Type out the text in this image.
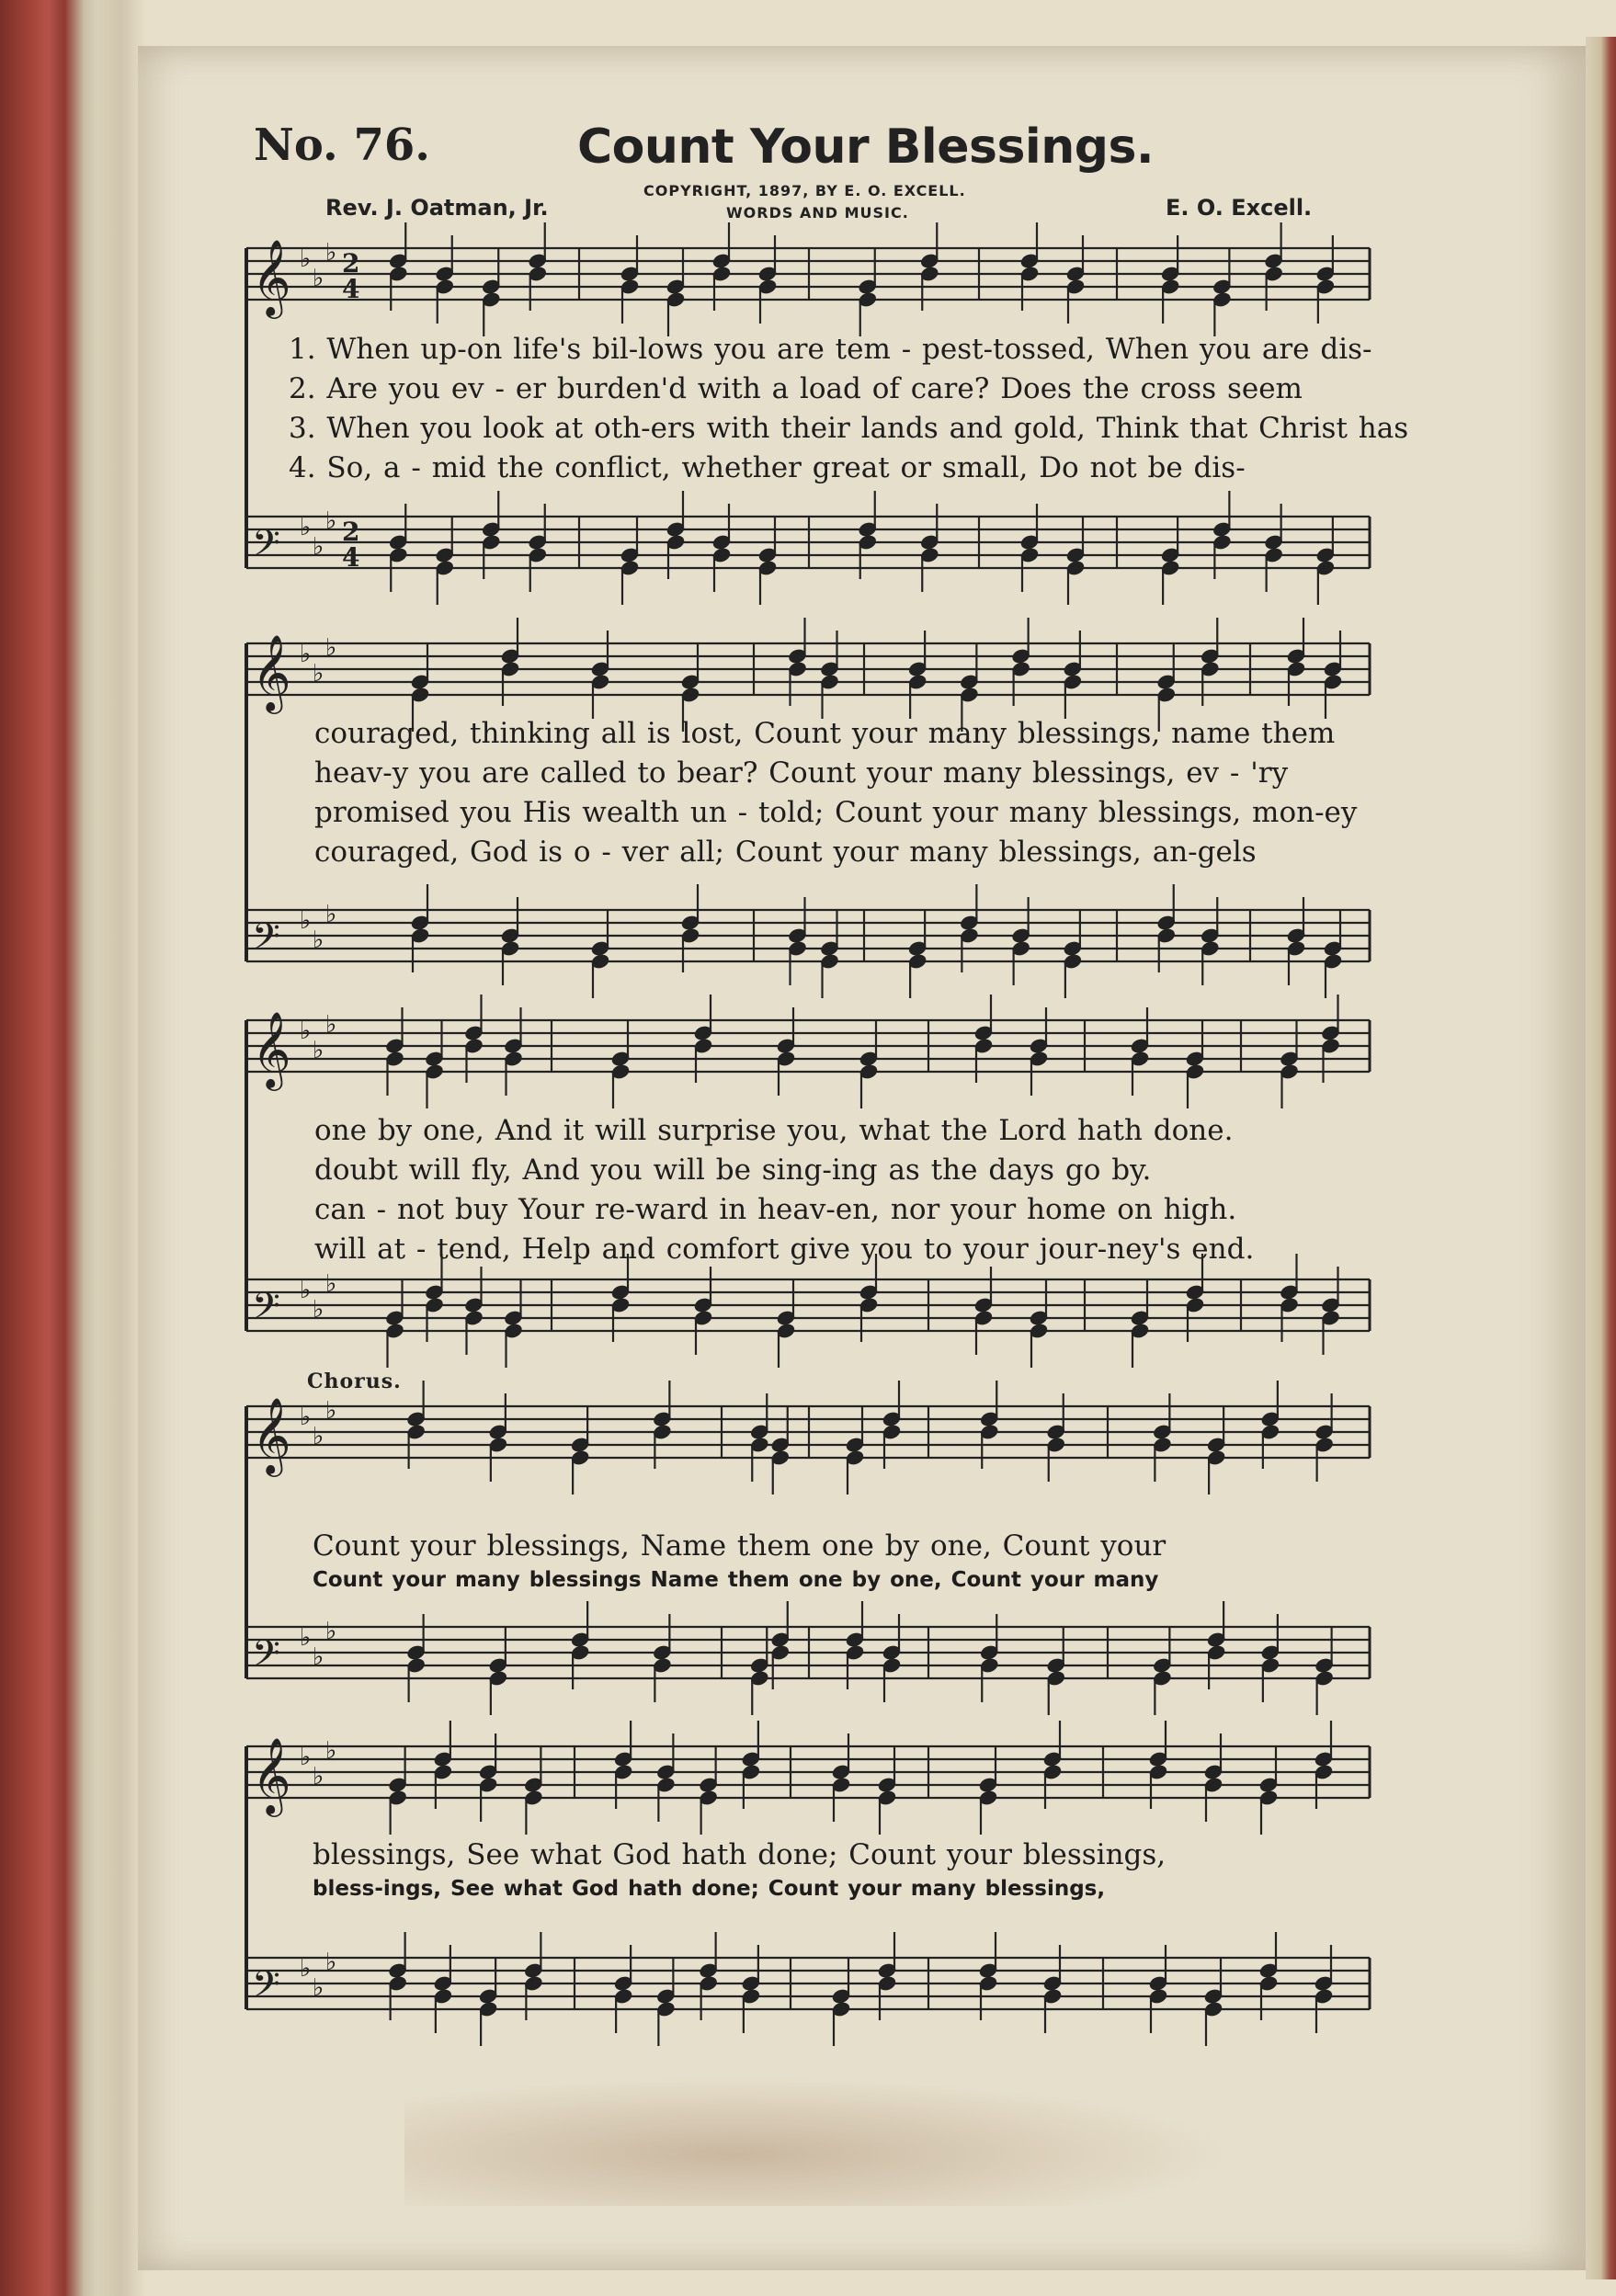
No. 76.	Count Your Blessings.
COPYRIGHT, 1897, BY E. O. EXCELL.
WORDS AND MUSIC.
Rev. J. Oatman, Jr.	E. O. Excell.
𝄞 ♭
♭
♭
𝄢 ♭
♭
♭
𝄞 ♭
♭
♭
𝄢 ♭
♭
♭
𝄞 ♭
♭
♭
𝄢 ♭
♭
♭
𝄞 ♭
♭
♭
𝄢 ♭
♭
♭
𝄞 ♭
♭
♭
𝄢 ♭
♭
♭
2
4
2
4
1. When up-on life's bil-lows you are tem - pest-tossed, When you are dis-
2. Are you ev - er burden'd with a load of care? Does the cross seem
3. When you look at oth-ers with their lands and gold, Think that Christ has
4. So, a - mid the conflict, whether great or small, Do not be dis-
couraged, thinking all is lost, Count your many blessings, name them
heav-y you are called to bear? Count your many blessings, ev - 'ry
promised you His wealth un - told; Count your many blessings, mon-ey
couraged, God is o - ver all; Count your many blessings, an-gels
one by one, And it will surprise you, what the Lord hath done.
doubt will fly, And you will be sing-ing as the days go by.
can - not buy Your re-ward in heav-en, nor your home on high.
will at - tend, Help and comfort give you to your jour-ney's end.
Chorus.
Count your blessings, Name them one by one, Count your
Count your many blessings Name them one by one, Count your many
blessings, See what God hath done; Count your blessings,
bless-ings, See what God hath done; Count your many blessings,
